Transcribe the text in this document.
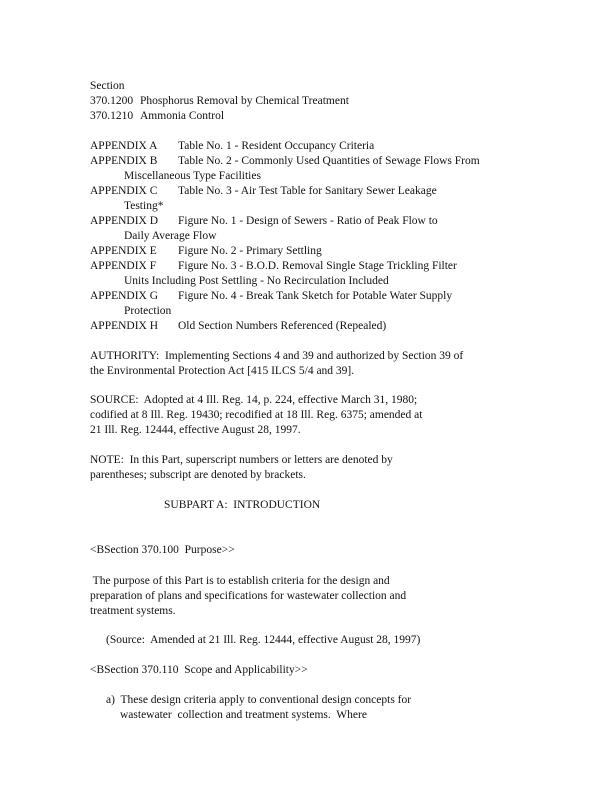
Section
370.1200 Phosphorus Removal by Chemical Treatment
370.1210 Ammonia Control
APPENDIX A Table No. 1 - Resident Occupancy Criteria
APPENDIX B Table No. 2 - Commonly Used Quantities of Sewage Flows From
Miscellaneous Type Facilities
APPENDIX C Table No. 3 - Air Test Table for Sanitary Sewer Leakage
Testing*
APPENDIX D Figure No. 1 - Design of Sewers - Ratio of Peak Flow to
Daily Average Flow
APPENDIX E Figure No. 2 - Primary Settling
APPENDIX F Figure No. 3 - B.O.D. Removal Single Stage Trickling Filter
Units Including Post Settling - No Recirculation Included
APPENDIX G Figure No. 4 - Break Tank Sketch for Potable Water Supply
Protection
APPENDIX H Old Section Numbers Referenced (Repealed)
AUTHORITY:  Implementing Sections 4 and 39 and authorized by Section 39 of
the Environmental Protection Act [415 ILCS 5/4 and 39].
SOURCE:  Adopted at 4 Ill. Reg. 14, p. 224, effective March 31, 1980;
codified at 8 Ill. Reg. 19430; recodified at 18 Ill. Reg. 6375; amended at
21 Ill. Reg. 12444, effective August 28, 1997.
NOTE:  In this Part, superscript numbers or letters are denoted by
parentheses; subscript are denoted by brackets.
SUBPART A:  INTRODUCTION
<BSection 370.100  Purpose>>
The purpose of this Part is to establish criteria for the design and
preparation of plans and specifications for wastewater collection and
treatment systems.
(Source:  Amended at 21 Ill. Reg. 12444, effective August 28, 1997)
<BSection 370.110  Scope and Applicability>>
a)  These design criteria apply to conventional design concepts for
wastewater  collection and treatment systems.  Where
